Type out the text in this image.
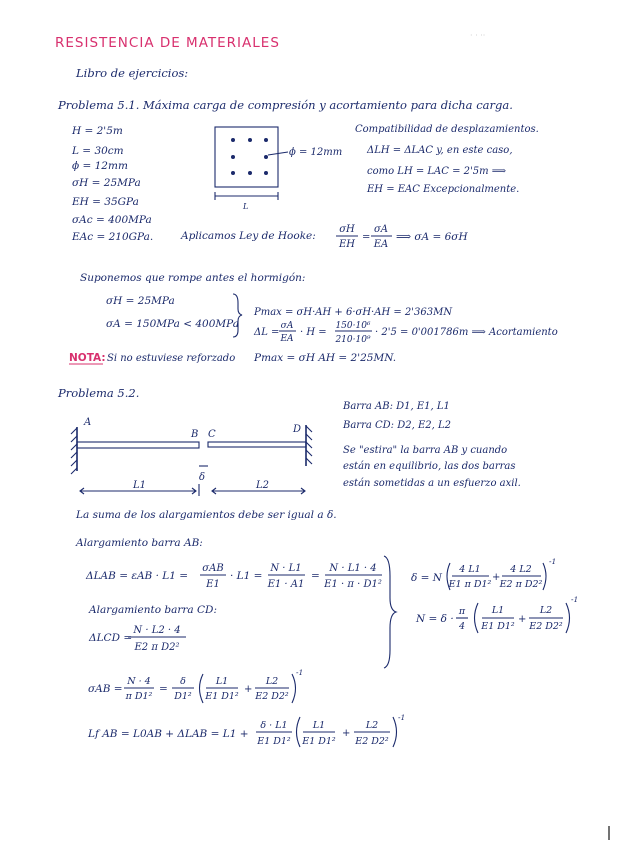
· · ··
RESISTENCIA DE MATERIALES
Libro de ejercicios:
Problema 5.1. Máxima carga de compresión y acortamiento para dicha carga.
H = 2'5m
L = 30cm
ϕ = 12mm
σH = 25MPa
EH = 35GPa
σAc = 400MPa
EAc = 210GPa.
ϕ = 12mm
L
Compatibilidad de desplazamientos.
ΔLH = ΔLAC y, en este caso,
como LH = LAC = 2'5m ⟹
EH = EAC Excepcionalmente.
Aplicamos Ley de Hooke:
σH
EH
=
σA
EA
⟹ σA = 6σH
Suponemos que rompe antes el hormigón:
σH = 25MPa
σA = 150MPa < 400MPa
Pmax = σH·AH + 6·σH·AH = 2'363MN
ΔL =
σA
EA
· H =
150·10⁶
210·10⁹
· 2'5 = 0'001786m ⟹ Acortamiento
NOTA: Si no estuviese reforzado Pmax = σH AH = 2'25MN.
Problema 5.2.
A
B C	D
δ
L1	L2
Barra AB: D1, E1, L1
Barra CD: D2, E2, L2
Se "estira" la barra AB y cuando
están en equilibrio, las dos barras
están sometidas a un esfuerzo axil.
La suma de los alargamientos debe ser igual a δ.
Alargamiento barra AB:
ΔLAB = εAB · L1 =
σAB
E1
· L1 =
N · L1
E1 · A1
=
N · L1 · 4
E1 · π · D1²
Alargamiento barra CD:
ΔLCD =
N · L2 · 4
E2 π D2²
δ = N
4 L1
E1 π D1²
+
4 L2
E2 π D2²
-1
N = δ ·
π
4
L1
E1 D1²
+
L2
E2 D2²
-1
σAB =
N · 4
π D1²
=
δ
D1²
L1
E1 D1²
+
L2
E2 D2²
-1
Lf AB = L0AB + ΔLAB = L1 +
δ · L1
E1 D1²
L1
E1 D1²
+
L2
E2 D2²
-1
